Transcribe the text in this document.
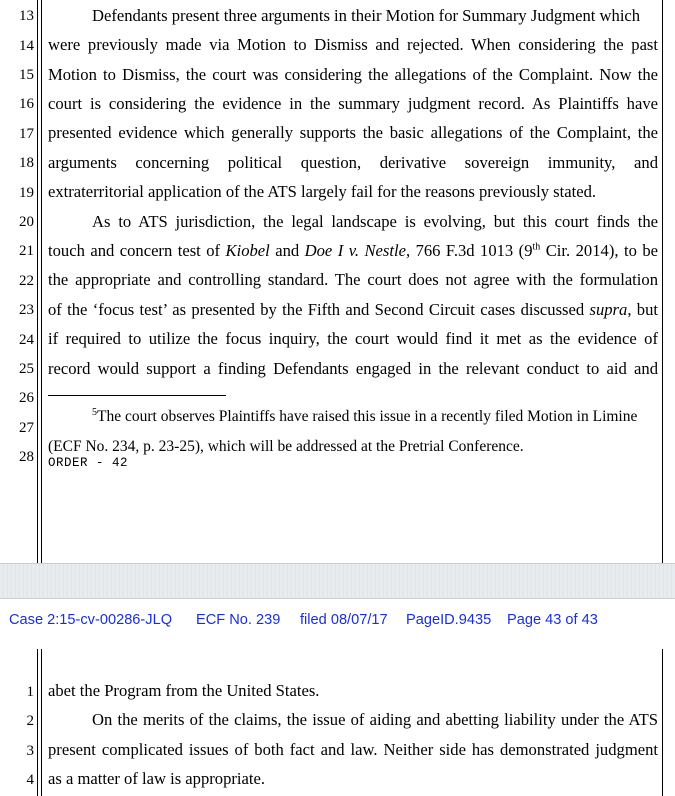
13
14
15
16
17
18
19
20
21
22
23
24
25
26
27
28
Defendants present three arguments in their Motion for Summary Judgment which
were previously made via Motion to Dismiss and rejected. When considering the past
Motion to Dismiss, the court was considering the allegations of the Complaint. Now the
court is considering the evidence in the summary judgment record. As Plaintiffs have
presented evidence which generally supports the basic allegations of the Complaint, the
arguments concerning political question, derivative sovereign immunity, and
extraterritorial application of the ATS largely fail for the reasons previously stated.
As to ATS jurisdiction, the legal landscape is evolving, but this court finds the
touch and concern test of Kiobel and Doe I v. Nestle, 766 F.3d 1013 (9th Cir. 2014), to be
the appropriate and controlling standard. The court does not agree with the formulation
of the ‘focus test’ as presented by the Fifth and Second Circuit cases discussed supra, but
if required to utilize the focus inquiry, the court would find it met as the evidence of
record would support a finding Defendants engaged in the relevant conduct to aid and
$^5$The court observes Plaintiffs have raised this issue in a recently filed Motion in Limine
(ECF No. 234, p. 23-25), which will be addressed at the Pretrial Conference.
ORDER - 42
Case 2:15-cv-00286-JLQ ECF No. 239 filed 08/07/17 PageID.9435 Page 43 of 43
1
2
3
4
abet the Program from the United States.
On the merits of the claims, the issue of aiding and abetting liability under the ATS
present complicated issues of both fact and law. Neither side has demonstrated judgment
as a matter of law is appropriate.
